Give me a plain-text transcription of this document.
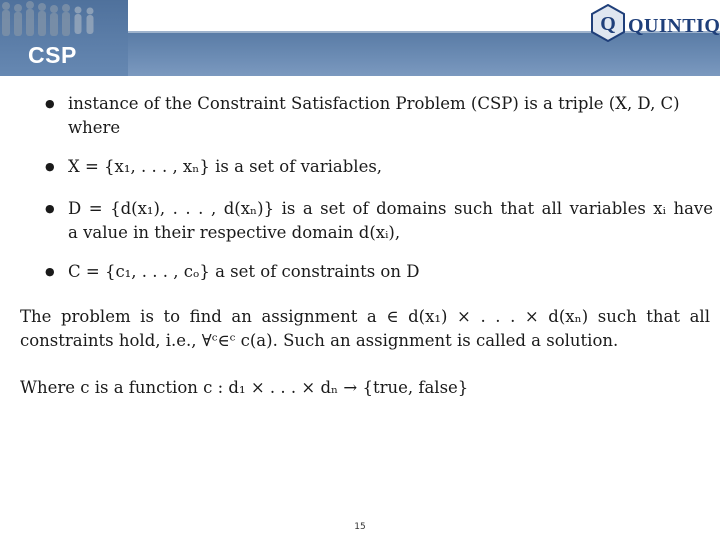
CSP
Q QUINTIQ
● instance of the Constraint Satisfaction Problem (CSP) is a triple (X, D, C)
where
● X = {x₁, . . . , xₙ} is a set of variables,
● D = {d(x₁), . . . , d(xₙ)} is a set of domains such that all variables xᵢ have
a value in their respective domain d(xᵢ),
● C = {c₁, . . . , cₒ} a set of constraints on D
The problem is to find an assignment a ∈ d(x₁) × . . . × d(xₙ) such that all
constraints hold, i.e., ∀ᶜ∈ᶜ c(a). Such an assignment is called a solution.
Where c is a function c : d₁ × . . . × dₙ → {true, false}
15
